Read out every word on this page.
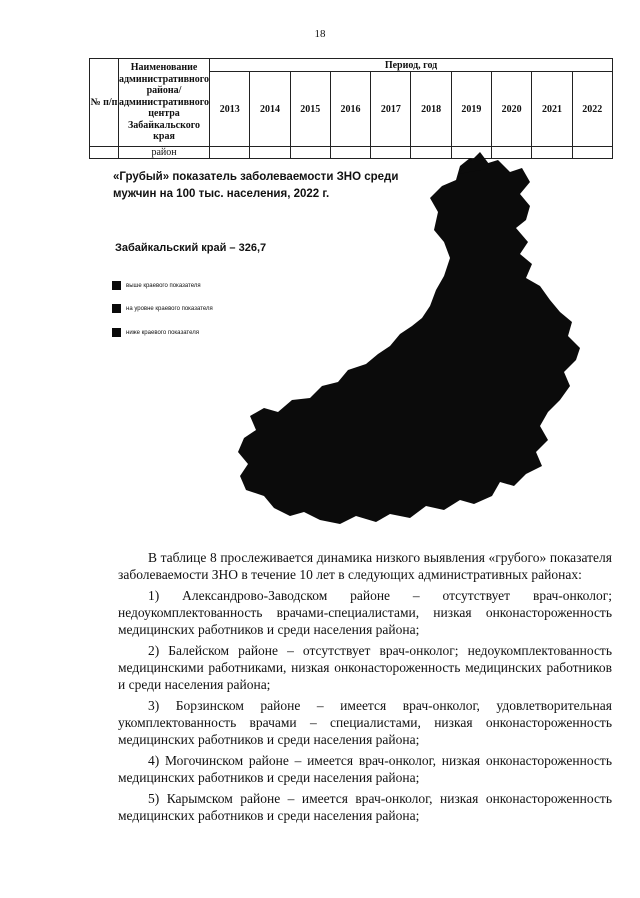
18
№ п/п	Наименование административного района/ административного центра Забайкальского края	Период, год									
		2013	2014	2015	2016	2017	2018	2019	2020	2021	2022
	район										
«Грубый» показатель заболеваемости ЗНО среди мужчин на 100 тыс. населения, 2022 г.
Забайкальский край – 326,7
выше краевого показателя
на уровне краевого показателя
ниже краевого показателя

В таблице 8 прослеживается динамика низкого выявления «грубого» показателя заболеваемости ЗНО в течение 10 лет в следующих административных районах:

1) Александрово-Заводском районе – отсутствует врач-онколог; недоукомплектованность врачами-специалистами, низкая онконастороженность медицинских работников и среди населения района;

2) Балейском районе – отсутствует врач-онколог; недоукомплектованность медицинскими работниками, низкая онконастороженность медицинских работников и среди населения района;

3) Борзинском районе – имеется врач-онколог, удовлетворительная укомплектованность врачами – специалистами, низкая онконастороженность медицинских работников и среди населения района;

4) Могочинском районе – имеется врач-онколог, низкая онконастороженность медицинских работников и среди населения района;

5) Карымском районе – имеется врач-онколог, низкая онконастороженность медицинских работников и среди населения района;
